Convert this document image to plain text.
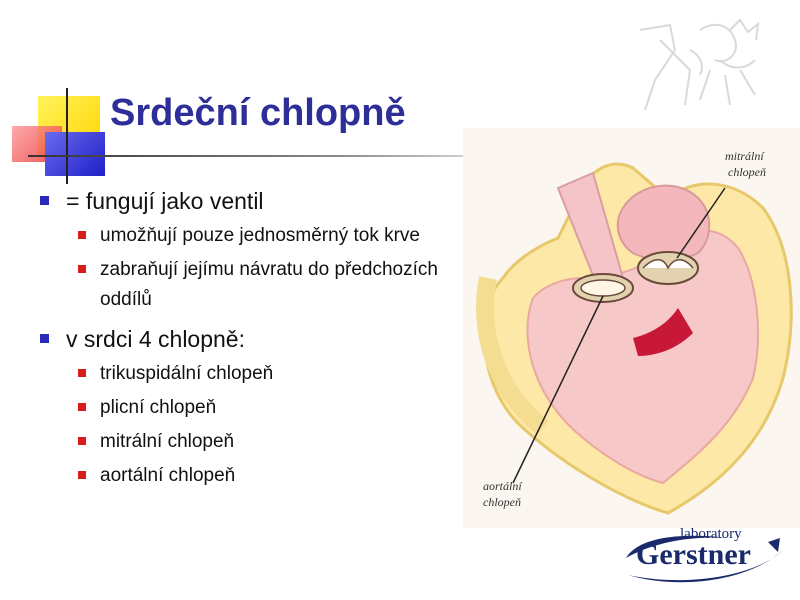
Srdeční chlopně
= fungují jako ventil
umožňují pouze jednosměrný tok krve
zabraňují jejímu návratu do předchozích oddílů
v srdci 4 chlopně:
trikuspidální chlopeň
plicní chlopeň
mitrální chlopeň
aortální chlopeň
mitrální
chlopeň
aortální
chlopeň
laboratory
Gerstner
